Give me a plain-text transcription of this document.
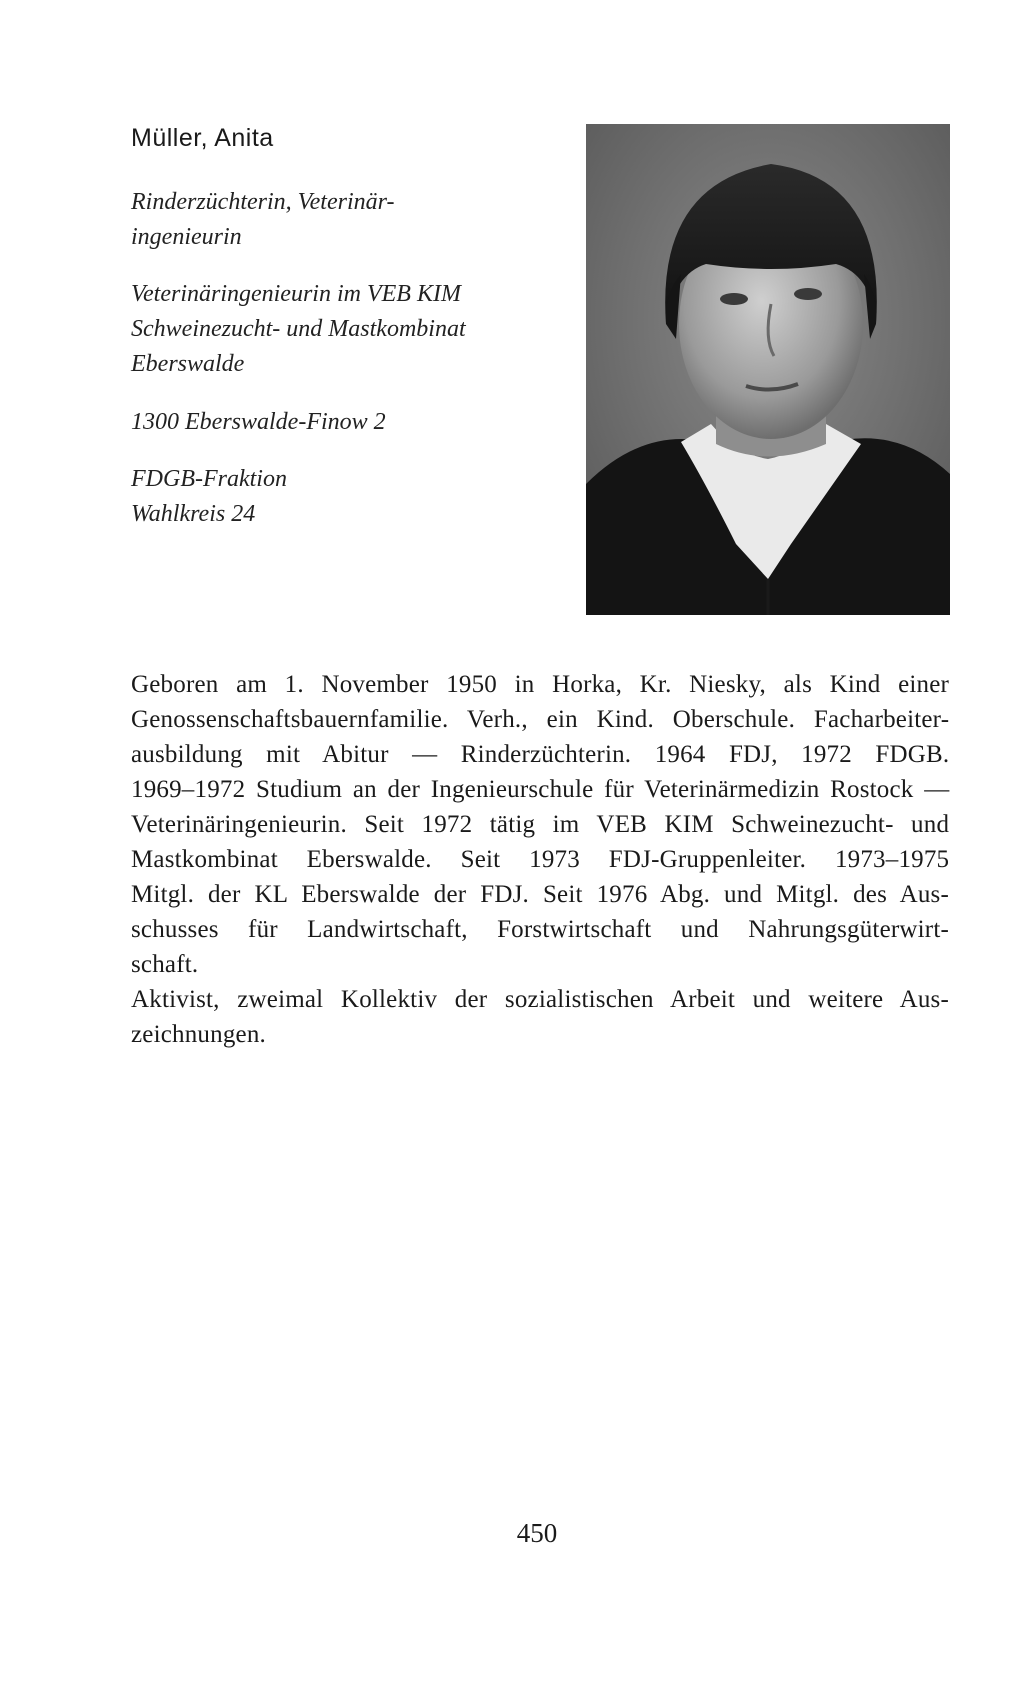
Müller, Anita
Rinderzüchterin, Veterinär-
ingenieurin
Veterinäringenieurin im VEB KIM
Schweinezucht- und Mastkombinat
Eberswalde
1300 Eberswalde-Finow 2
FDGB-Fraktion
Wahlkreis 24
Geboren am 1. November 1950 in Horka, Kr. Niesky, als Kind einer
Genossenschaftsbauernfamilie. Verh., ein Kind. Oberschule. Facharbeiter-
ausbildung mit Abitur — Rinderzüchterin. 1964 FDJ, 1972 FDGB.
1969–1972 Studium an der Ingenieurschule für Veterinärmedizin Rostock —
Veterinäringenieurin. Seit 1972 tätig im VEB KIM Schweinezucht- und
Mastkombinat Eberswalde. Seit 1973 FDJ-Gruppenleiter. 1973–1975
Mitgl. der KL Eberswalde der FDJ. Seit 1976 Abg. und Mitgl. des Aus-
schusses für Landwirtschaft, Forstwirtschaft und Nahrungsgüterwirt-
schaft.
Aktivist, zweimal Kollektiv der sozialistischen Arbeit und weitere Aus-
zeichnungen.
450
